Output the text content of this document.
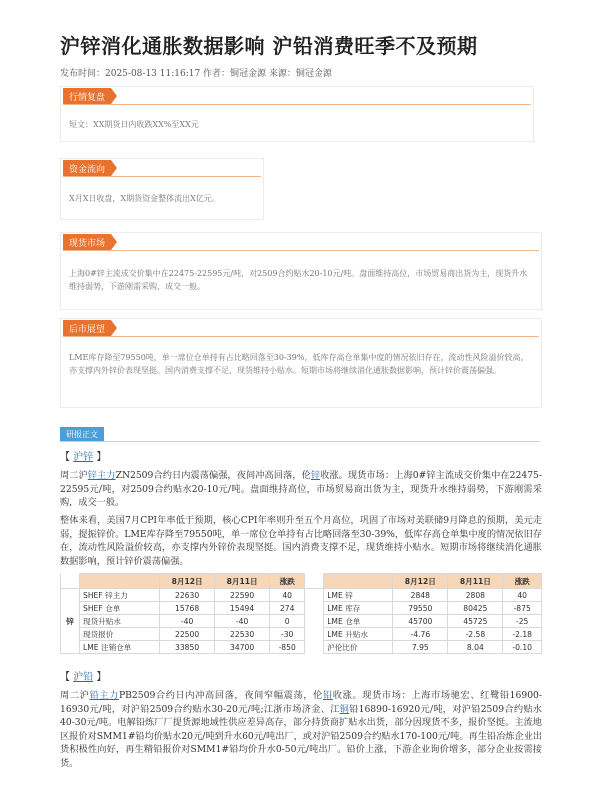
沪锌消化通胀数据影响 沪铅消费旺季不及预期
发布时间：2025-08-13 11:16:17 作者：铜冠金源 来源：铜冠金源
行情复盘
短文：XX期货日内收跌XX%至XX元
资金流向
X月X日收盘，X期货资金整体流出X亿元。
现货市场
上海0#锌主流成交价集中在22475-22595元/吨，对2509合约贴水20-10元/吨。盘面维持高位，市场贸易商出货为主，现货升水维持弱势，下游刚需采购，成交一般。
后市展望
LME库存降至79550吨，单一席位仓单持有占比略回落至30-39%，低库存高仓单集中度的情况依旧存在，流动性风险溢价较高，亦支撑内外锌价表现坚挺。国内消费支撑不足，现货维持小贴水。短期市场将继续消化通胀数据影响，预计锌价震荡偏强。
研报正文
【 沪锌 】
周二沪锌主力ZN2509合约日内震荡偏强，夜间冲高回落，伦锌收涨。现货市场：上海0#锌主流成交价集中在22475-22595元/吨，对2509合约贴水20-10元/吨。盘面维持高位，市场贸易商出货为主，现货升水维持弱势，下游刚需采购，成交一般。
整体来看，美国7月CPI年率低于预期，核心CPI年率则升至五个月高位，巩固了市场对美联储9月降息的预期，美元走弱，提振锌价。LME库存降至79550吨，单一席位仓单持有占比略回落至30-39%，低库存高仓单集中度的情况依旧存在，流动性风险溢价较高，亦支撑内外锌价表现坚挺。国内消费支撑不足，现货维持小贴水。短期市场将继续消化通胀数据影响，预计锌价震荡偏强。
		8月12日	8月11日	涨跌			8月12日	8月11日	涨跌
锌	SHEF 锌主力	22630	22590	40		LME 锌	2848	2808	40
	SHEF 仓单	15768	15494	274		LME 库存	79550	80425	-875
	现货升贴水	-40	-40	0		LME 仓单	45700	45725	-25
	现货报价	22500	22530	-30		LME 升贴水	-4.76	-2.58	-2.18
	LME 注销仓单	33850	34700	-850		沪伦比价	7.95	8.04	-0.10
【 沪铅 】
周二沪铅主力PB2509合约日内冲高回落，夜间窄幅震荡，伦铅收涨。现货市场：上海市场驰宏、红鹭铅16900-16930元/吨，对沪铅2509合约贴水30-20元/吨;江浙市场济金、江铜铅16890-16920元/吨，对沪铅2509合约贴水40-30元/吨。电解铅炼厂厂提货源地域性供应差异高存，部分持货商扩贴水出货，部分因现货不多，报价坚挺。主流地区报价对SMM1#铅均价贴水20元/吨到升水60元/吨出厂，或对沪铅2509合约贴水170-100元/吨。再生铅冶炼企业出货积极性向好，再生精铅报价对SMM1#铅均价升水0-50元/吨出厂。铅价上涨，下游企业询价增多，部分企业按需接货。
